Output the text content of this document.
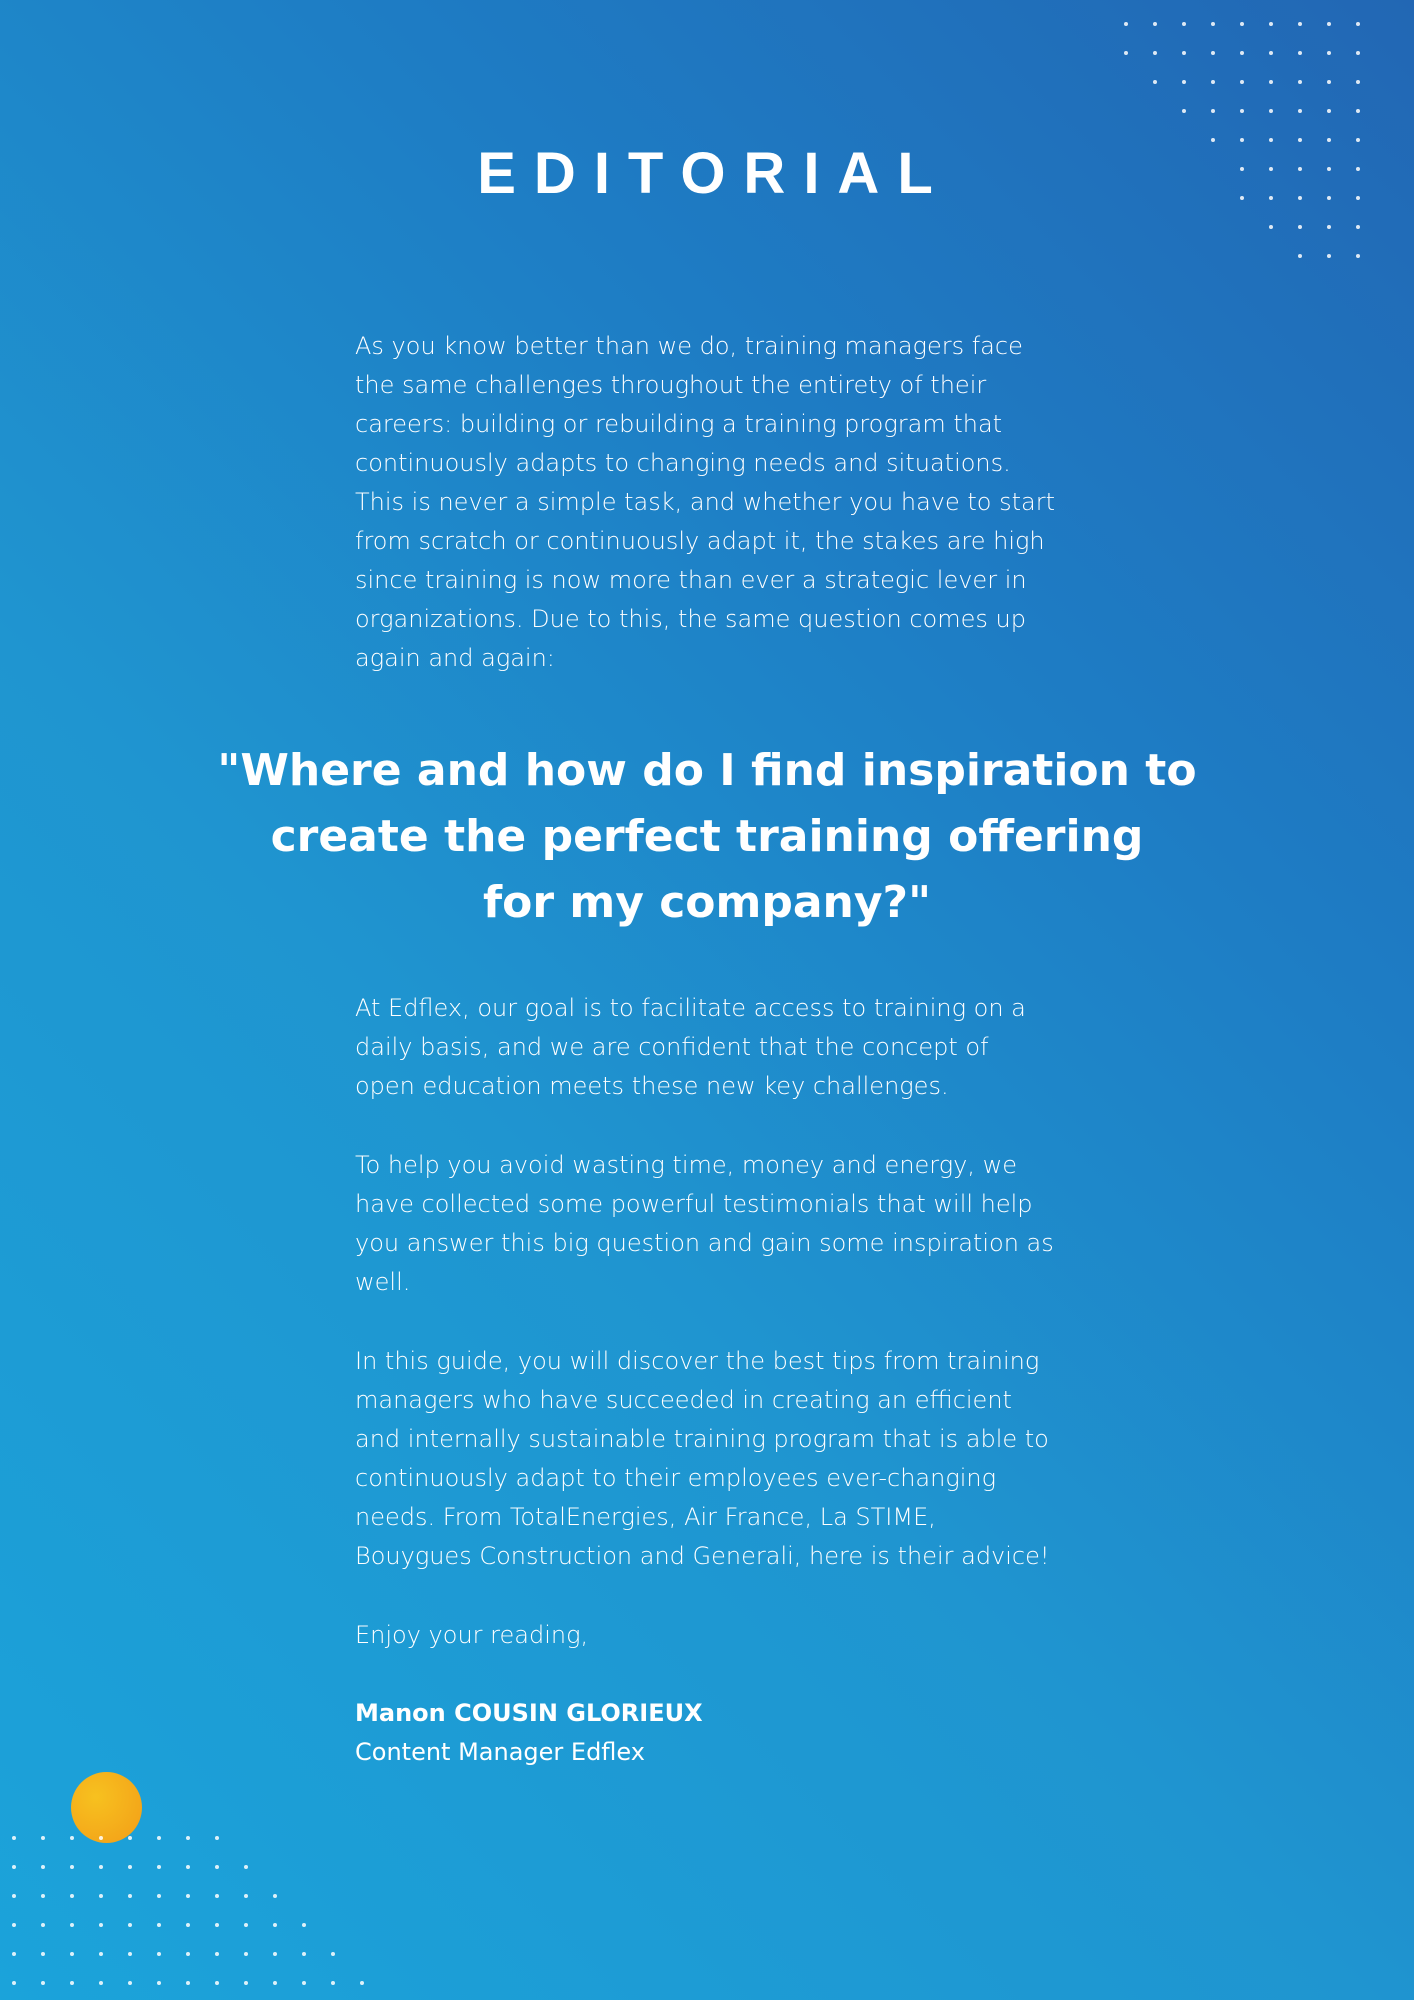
EDITORIAL
As you know better than we do, training managers face
the same challenges throughout the entirety of their
careers: building or rebuilding a training program that
continuously adapts to changing needs and situations.
This is never a simple task, and whether you have to start
from scratch or continuously adapt it, the stakes are high
since training is now more than ever a strategic lever in
organizations. Due to this, the same question comes up
again and again:
"Where and how do I find inspiration to
create the perfect training offering
for my company?"
At Edflex, our goal is to facilitate access to training on a
daily basis, and we are confident that the concept of
open education meets these new key challenges.
To help you avoid wasting time, money and energy, we
have collected some powerful testimonials that will help
you answer this big question and gain some inspiration as
well.
In this guide, you will discover the best tips from training
managers who have succeeded in creating an efficient
and internally sustainable training program that is able to
continuously adapt to their employees ever-changing
needs. From TotalEnergies, Air France, La STIME,
Bouygues Construction and Generali, here is their advice!
Enjoy your reading,
Manon COUSIN GLORIEUX
Content Manager Edflex
